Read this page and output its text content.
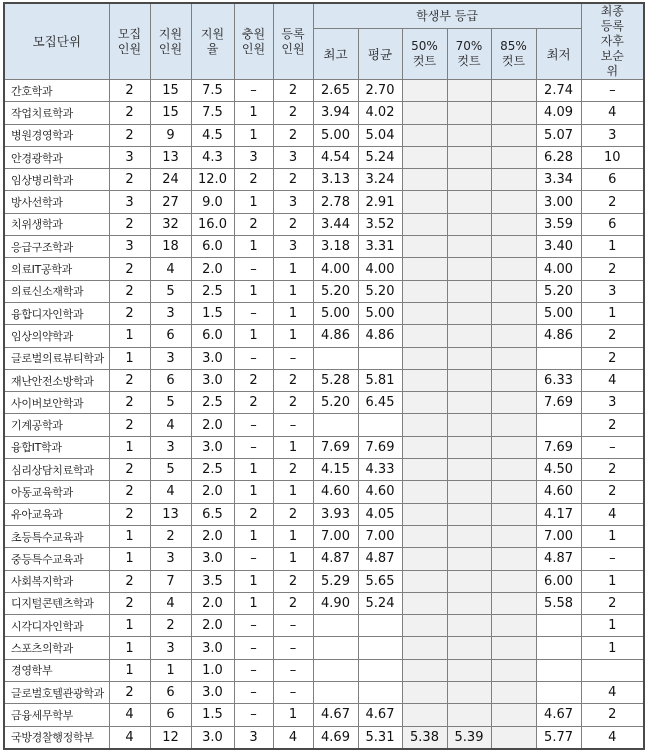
모집단위	모집인원	지원인원	지원율	충원인원	등록인원	학생부 등급						최종등록자후보순위
						최고	평균	50%컷트	70%컷트	85%컷트	최저	
간호학과	2	15	7.5	–	2	2.65	2.70				2.74	–
작업치료학과	2	15	7.5	1	2	3.94	4.02				4.09	4
병원경영학과	2	9	4.5	1	2	5.00	5.04				5.07	3
안경광학과	3	13	4.3	3	3	4.54	5.24				6.28	10
임상병리학과	2	24	12.0	2	2	3.13	3.24				3.34	6
방사선학과	3	27	9.0	1	3	2.78	2.91				3.00	2
치위생학과	2	32	16.0	2	2	3.44	3.52				3.59	6
응급구조학과	3	18	6.0	1	3	3.18	3.31				3.40	1
의료IT공학과	2	4	2.0	–	1	4.00	4.00				4.00	2
의료신소재학과	2	5	2.5	1	1	5.20	5.20				5.20	3
융합디자인학과	2	3	1.5	–	1	5.00	5.00				5.00	1
임상의약학과	1	6	6.0	1	1	4.86	4.86				4.86	2
글로벌의료뷰티학과	1	3	3.0	–	–							2
재난안전소방학과	2	6	3.0	2	2	5.28	5.81				6.33	4
사이버보안학과	2	5	2.5	2	2	5.20	6.45				7.69	3
기계공학과	2	4	2.0	–	–							2
융합IT학과	1	3	3.0	–	1	7.69	7.69				7.69	–
심리상담치료학과	2	5	2.5	1	2	4.15	4.33				4.50	2
아동교육학과	2	4	2.0	1	1	4.60	4.60				4.60	2
유아교육과	2	13	6.5	2	2	3.93	4.05				4.17	4
초등특수교육과	1	2	2.0	1	1	7.00	7.00				7.00	1
중등특수교육과	1	3	3.0	–	1	4.87	4.87				4.87	–
사회복지학과	2	7	3.5	1	2	5.29	5.65				6.00	1
디지털콘텐츠학과	2	4	2.0	1	2	4.90	5.24				5.58	2
시각디자인학과	1	2	2.0	–	–							1
스포츠의학과	1	3	3.0	–	–							1
경영학부	1	1	1.0	–	–							
글로벌호텔관광학과	2	6	3.0	–	–							4
금융세무학부	4	6	1.5	–	1	4.67	4.67				4.67	2
국방경찰행정학부	4	12	3.0	3	4	4.69	5.31	5.38	5.39		5.77	4
